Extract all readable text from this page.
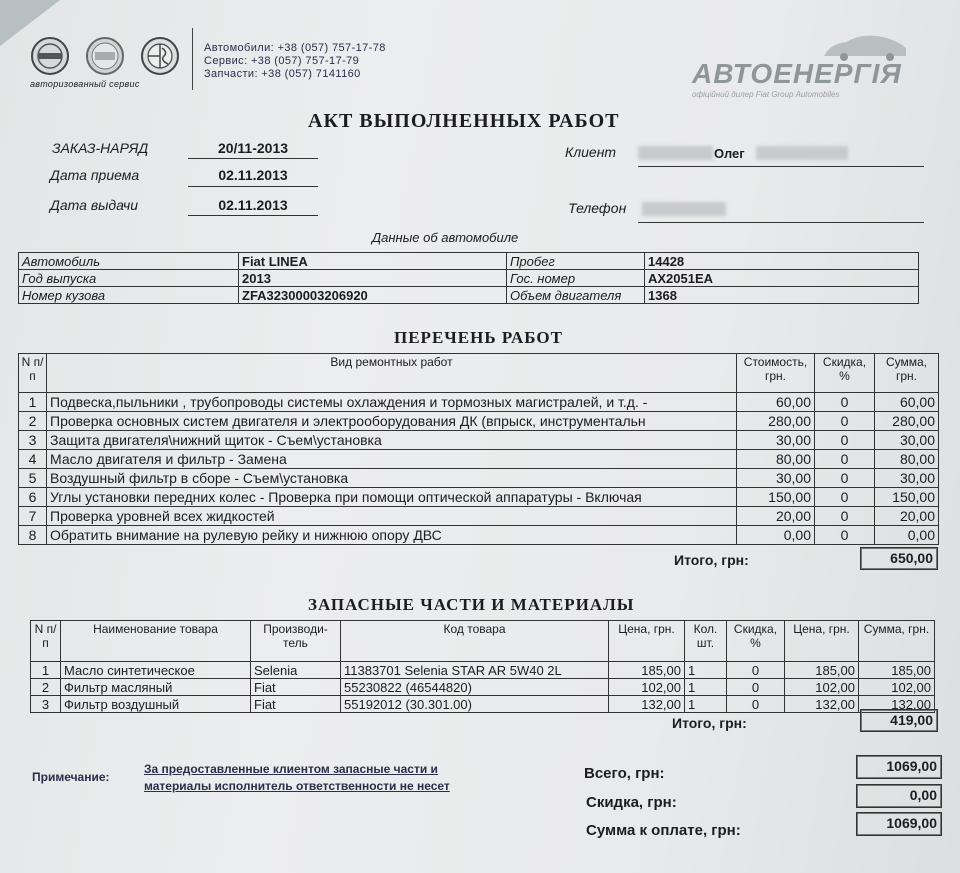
авторизованный сервис
Автомобили: +38 (057) 757-17-78
Сервис: +38 (057) 757-17-79
Запчасти: +38 (057) 7141160	АВТОЕНЕРГІЯ
офіційний дилер Fiat Group Automobiles
АКТ ВЫПОЛНЕННЫХ РАБОТ
ЗАКАЗ-НАРЯД	20/11-2013
Дата приема	02.11.2013
Дата выдачи	02.11.2013
Клиент	Олег
Телефон
Данные об автомобиле
Автомобиль	Fiat LINEA	Пробег	14428
Год выпуска	2013	Гос. номер	AX2051EA
Номер кузова	ZFA32300003206920	Объем двигателя	1368
ПЕРЕЧЕНЬ РАБОТ
N п/п	Вид ремонтных работ	Стоимость, грн.	Скидка, %	Сумма, грн.
1	Подвеска,пыльники , трубопроводы системы охлаждения и тормозных магистралей, и т.д. -	60,00	0	60,00
2	Проверка основных систем двигателя и электрооборудования ДК (впрыск, инструментальн	280,00	0	280,00
3	Защита двигателя\нижний щиток - Съем\установка	30,00	0	30,00
4	Масло двигателя и фильтр - Замена	80,00	0	80,00
5	Воздушный фильтр в сборе - Съем\установка	30,00	0	30,00
6	Углы установки передних колес - Проверка при помощи оптической аппаратуры - Включая	150,00	0	150,00
7	Проверка уровней всех жидкостей	20,00	0	20,00
8	Обратить внимание на рулевую рейку и нижнюю опору ДВС	0,00	0	0,00
Итого, грн:	650,00
ЗАПАСНЫЕ ЧАСТИ И МАТЕРИАЛЫ
N п/п	Наименование товара	Производи- тель	Код товара	Цена, грн.	Кол. шт.	Скидка, %	Цена, грн.	Сумма, грн.
1	Масло синтетическое	Selenia	11383701 Selenia STAR AR 5W40 2L	185,00	1	0	185,00	185,00
2	Фильтр масляный	Fiat	55230822 (46544820)	102,00	1	0	102,00	102,00
3	Фильтр воздушный	Fiat	55192012 (30.301.00)	132,00	1	0	132,00	132,00
Итого, грн:	419,00
Примечание:
За предоставленные клиентом запасные части и
материалы исполнитель ответственности не несет
Всего, грн:	1069,00
Скидка, грн:	0,00
Сумма к оплате, грн:	1069,00
